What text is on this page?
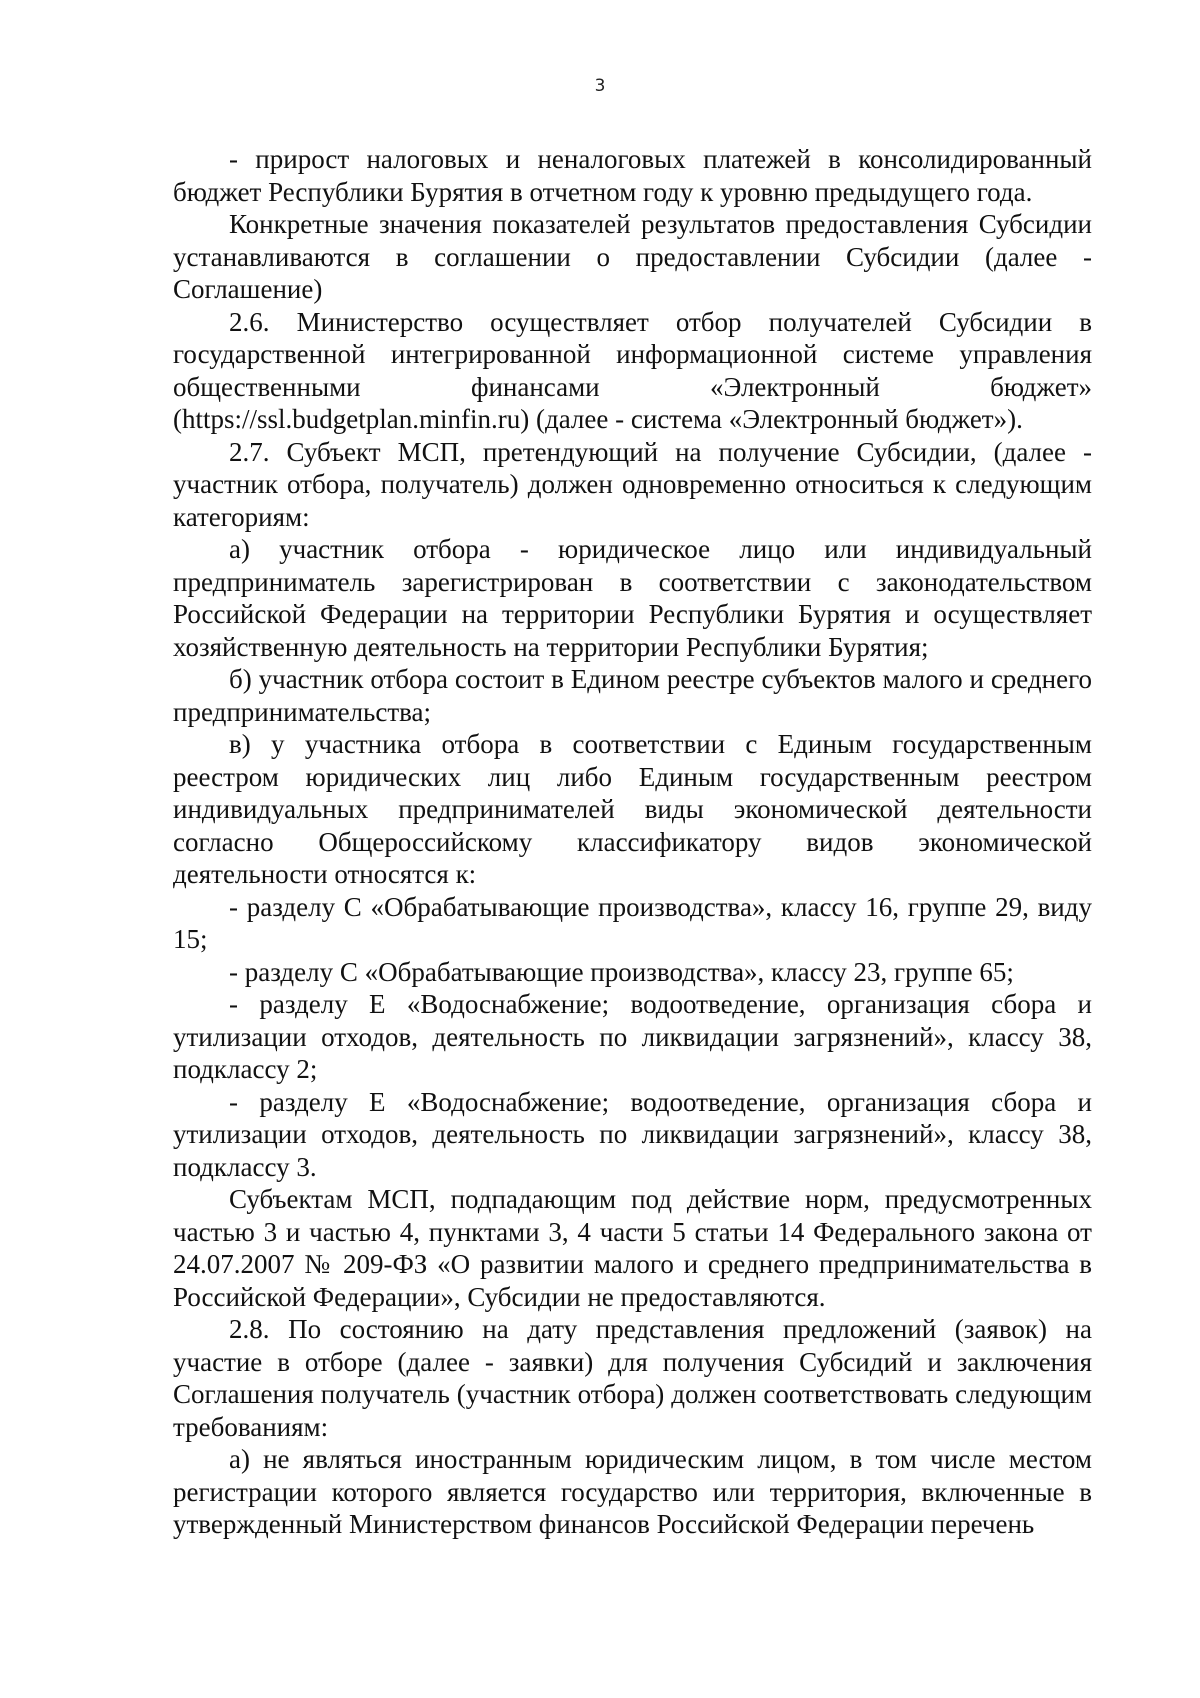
3

- прирост налоговых и неналоговых платежей в консолидированный бюджет Республики Бурятия в отчетном году к уровню предыдущего года.

Конкретные значения показателей результатов предоставления Субсидии устанавливаются в соглашении о предоставлении Субсидии (далее - Соглашение)

2.6. Министерство осуществляет отбор получателей Субсидии в государственной интегрированной информационной системе управления общественными финансами «Электронный бюджет» (https://ssl.budgetplan.minfin.ru) (далее - система «Электронный бюджет»).

2.7. Субъект МСП, претендующий на получение Субсидии, (далее - участник отбора, получатель) должен одновременно относиться к следующим категориям:

а) участник отбора - юридическое лицо или индивидуальный предприниматель зарегистрирован в соответствии с законодательством Российской Федерации на территории Республики Бурятия и осуществляет хозяйственную деятельность на территории Республики Бурятия;

б) участник отбора состоит в Едином реестре субъектов малого и среднего предпринимательства;

в) у участника отбора в соответствии с Единым государственным реестром юридических лиц либо Единым государственным реестром индивидуальных предпринимателей виды экономической деятельности согласно Общероссийскому классификатору видов экономической деятельности относятся к:

- разделу С «Обрабатывающие производства», классу 16, группе 29, виду 15;

- разделу С «Обрабатывающие производства», классу 23, группе 65;

- разделу Е «Водоснабжение; водоотведение, организация сбора и утилизации отходов, деятельность по ликвидации загрязнений», классу 38, подклассу 2;

- разделу Е «Водоснабжение; водоотведение, организация сбора и утилизации отходов, деятельность по ликвидации загрязнений», классу 38, подклассу 3.

Субъектам МСП, подпадающим под действие норм, предусмотренных частью 3 и частью 4, пунктами 3, 4 части 5 статьи 14 Федерального закона от 24.07.2007 № 209-ФЗ «О развитии малого и среднего предпринимательства в Российской Федерации», Субсидии не предоставляются.

2.8. По состоянию на дату представления предложений (заявок) на участие в отборе (далее - заявки) для получения Субсидий и заключения Соглашения получатель (участник отбора) должен соответствовать следующим требованиям:

а) не являться иностранным юридическим лицом, в том числе местом регистрации которого является государство или территория, включенные в утвержденный Министерством финансов Российской Федерации перечень
